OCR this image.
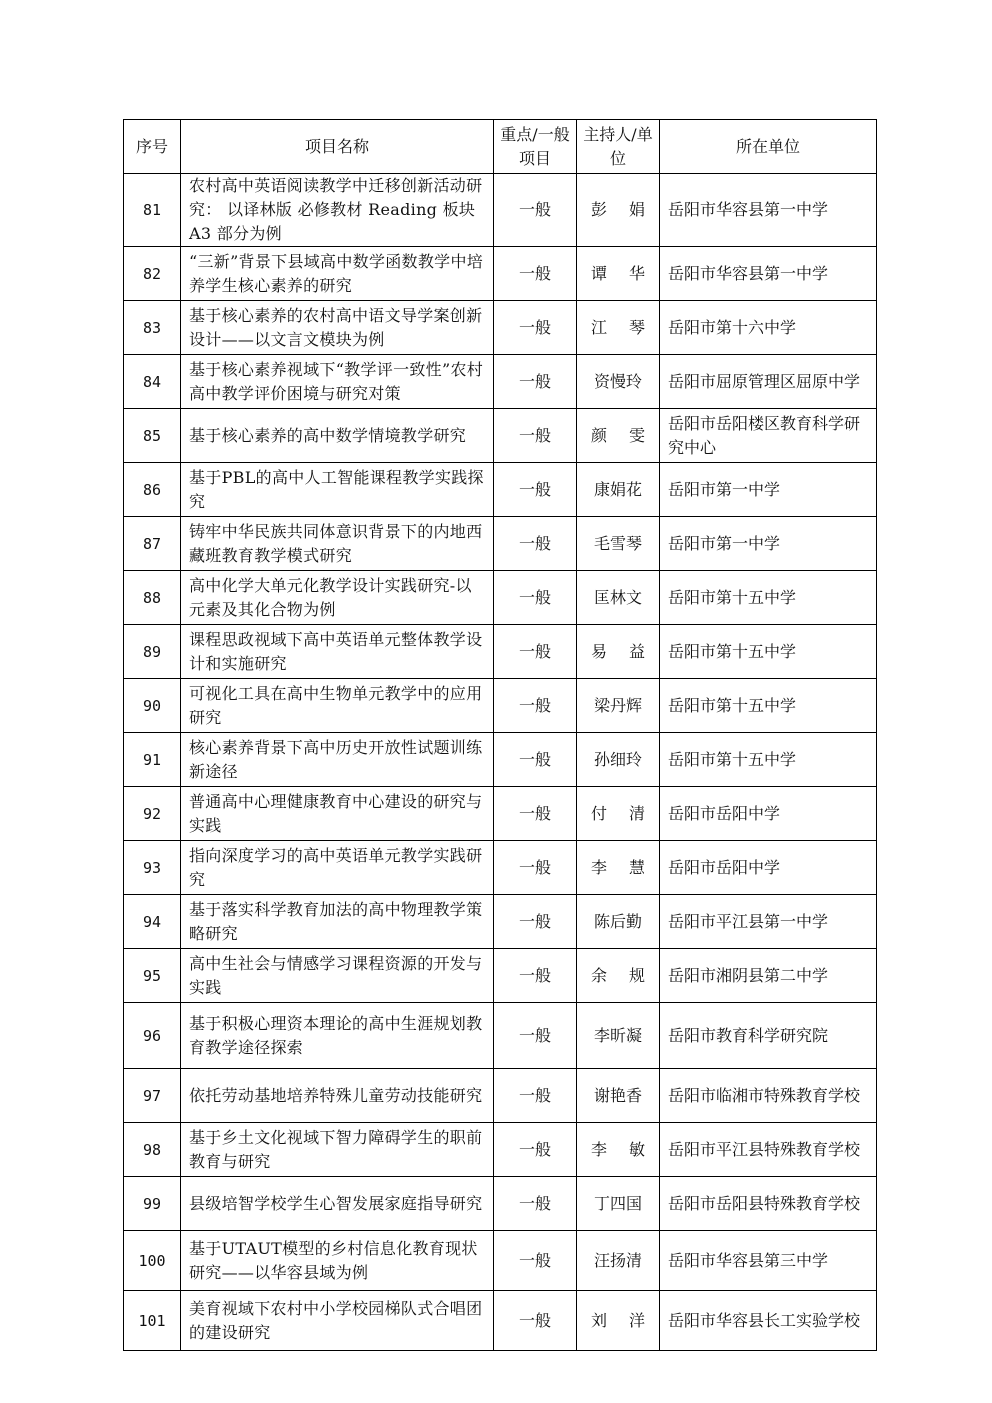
序号	项目名称	重点/一般项目	主持人/单位	所在单位
81	农村高中英语阅读教学中迁移创新活动研究： 以译林版 必修教材 Reading 板块 A3 部分为例	一般	彭 娟	岳阳市华容县第一中学
82	“三新”背景下县域高中数学函数教学中培养学生核心素养的研究	一般	谭 华	岳阳市华容县第一中学
83	基于核心素养的农村高中语文导学案创新设计——以文言文模块为例	一般	江 琴	岳阳市第十六中学
84	基于核心素养视域下“教学评一致性”农村高中教学评价困境与研究对策	一般	资慢玲	岳阳市屈原管理区屈原中学
85	基于核心素养的高中数学情境教学研究	一般	颜 雯	岳阳市岳阳楼区教育科学研究中心
86	基于PBL的高中人工智能课程教学实践探究	一般	康娟花	岳阳市第一中学
87	铸牢中华民族共同体意识背景下的内地西藏班教育教学模式研究	一般	毛雪琴	岳阳市第一中学
88	高中化学大单元化教学设计实践研究-以元素及其化合物为例	一般	匡林文	岳阳市第十五中学
89	课程思政视域下高中英语单元整体教学设计和实施研究	一般	易 益	岳阳市第十五中学
90	可视化工具在高中生物单元教学中的应用研究	一般	梁丹辉	岳阳市第十五中学
91	核心素养背景下高中历史开放性试题训练新途径	一般	孙细玲	岳阳市第十五中学
92	普通高中心理健康教育中心建设的研究与实践	一般	付 清	岳阳市岳阳中学
93	指向深度学习的高中英语单元教学实践研究	一般	李 慧	岳阳市岳阳中学
94	基于落实科学教育加法的高中物理教学策略研究	一般	陈后勤	岳阳市平江县第一中学
95	高中生社会与情感学习课程资源的开发与实践	一般	余 规	岳阳市湘阴县第二中学
96	基于积极心理资本理论的高中生涯规划教育教学途径探索	一般	李昕凝	岳阳市教育科学研究院
97	依托劳动基地培养特殊儿童劳动技能研究	一般	谢艳香	岳阳市临湘市特殊教育学校
98	基于乡土文化视域下智力障碍学生的职前教育与研究	一般	李 敏	岳阳市平江县特殊教育学校
99	县级培智学校学生心智发展家庭指导研究	一般	丁四国	岳阳市岳阳县特殊教育学校
100	基于UTAUT模型的乡村信息化教育现状研究——以华容县域为例	一般	汪扬清	岳阳市华容县第三中学
101	美育视域下农村中小学校园梯队式合唱团的建设研究	一般	刘 洋	岳阳市华容县长工实验学校
